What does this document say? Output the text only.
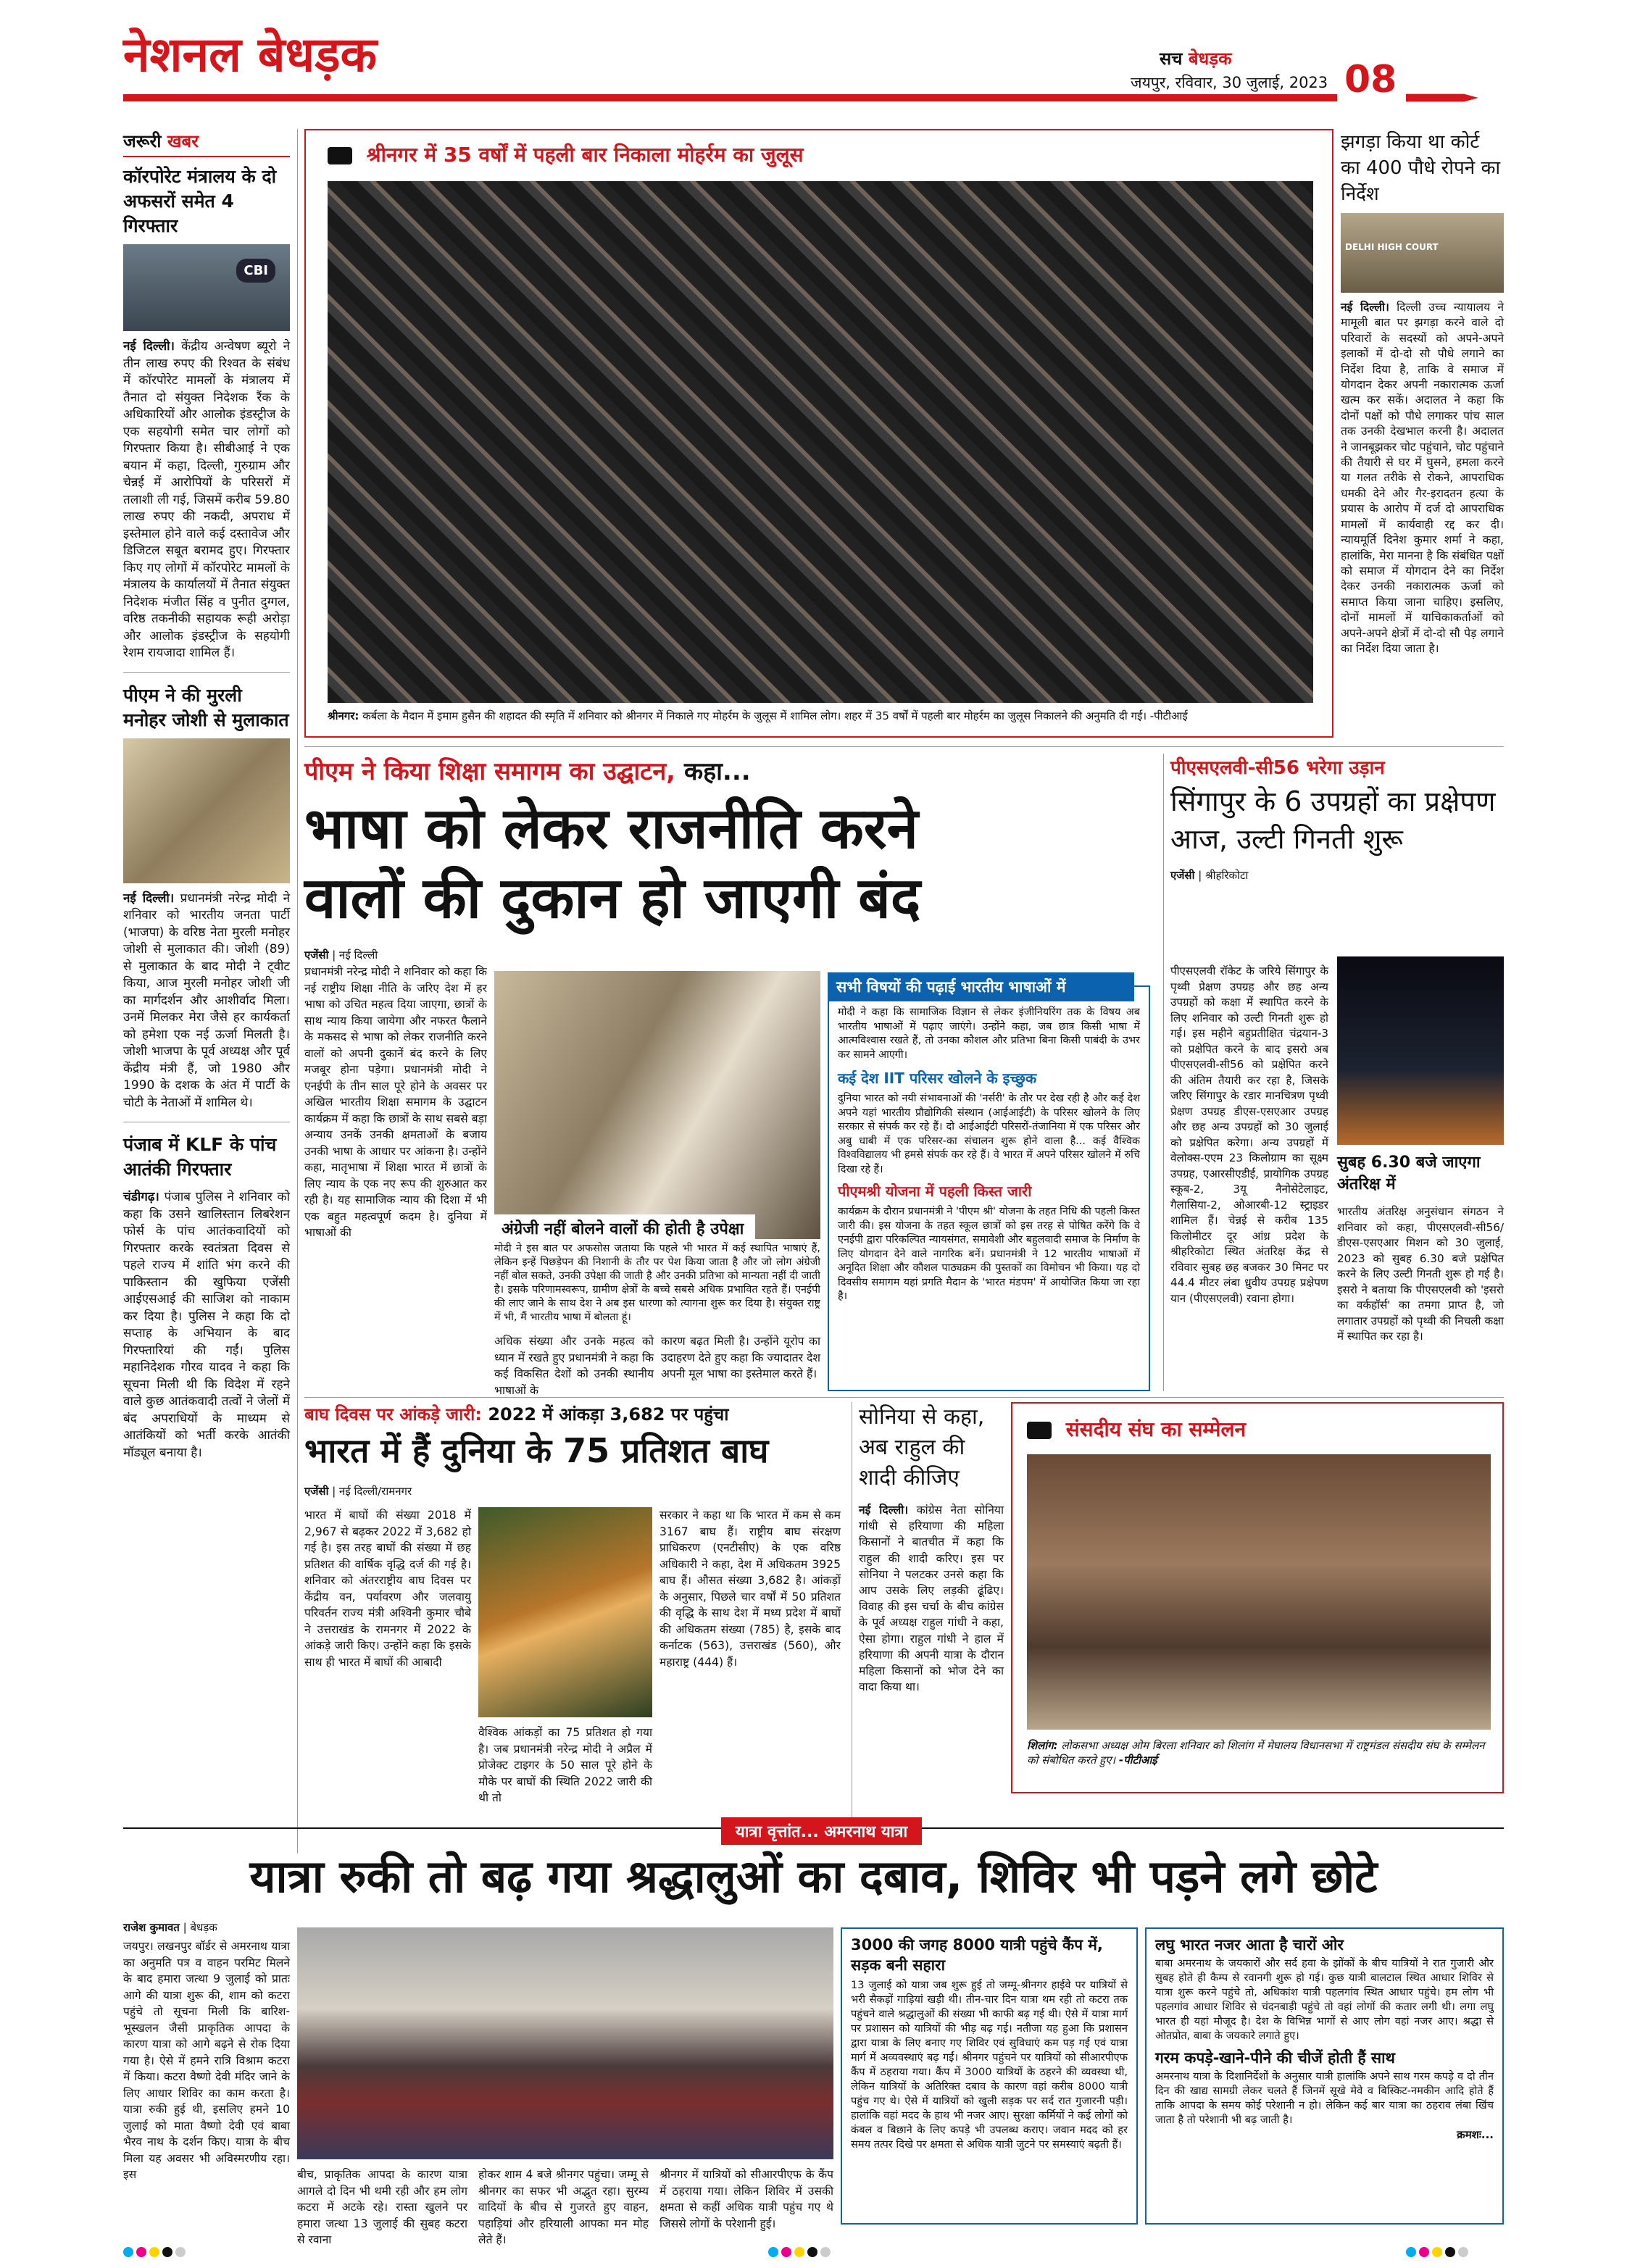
नेशनल बेधड़क	सच बेधड़क
जयपुर, रविवार, 30 जुलाई, 2023 08
जरूरी खबर
कॉरपोरेट मंत्रालय के दो अफसरों समेत 4 गिरफ्तार
CBI
नई दिल्ली। केंद्रीय अन्वेषण ब्यूरो ने तीन लाख रुपए की रिश्वत के संबंध में कॉरपोरेट मामलों के मंत्रालय में तैनात दो संयुक्त निदेशक रैंक के अधिकारियों और आलोक इंडस्ट्रीज के एक सहयोगी समेत चार लोगों को गिरफ्तार किया है। सीबीआई ने एक बयान में कहा, दिल्ली, गुरुग्राम और चेन्नई में आरोपियों के परिसरों में तलाशी ली गई, जिसमें करीब 59.80 लाख रुपए की नकदी, अपराध में इस्तेमाल होने वाले कई दस्तावेज और डिजिटल सबूत बरामद हुए। गिरफ्तार किए गए लोगों में कॉरपोरेट मामलों के मंत्रालय के कार्यालयों में तैनात संयुक्त निदेशक मंजीत सिंह व पुनीत दुग्गल, वरिष्ठ तकनीकी सहायक रूही अरोड़ा और आलोक इंडस्ट्रीज के सहयोगी रेशम रायजादा शामिल हैं।
पीएम ने की मुरली मनोहर जोशी से मुलाकात
नई दिल्ली। प्रधानमंत्री नरेन्द्र मोदी ने शनिवार को भारतीय जनता पार्टी (भाजपा) के वरिष्ठ नेता मुरली मनोहर जोशी से मुलाकात की। जोशी (89) से मुलाकात के बाद मोदी ने ट्वीट किया, आज मुरली मनोहर जोशी जी का मार्गदर्शन और आशीर्वाद मिला। उनमें मिलकर मेरा जैसे हर कार्यकर्ता को हमेशा एक नई ऊर्जा मिलती है। जोशी भाजपा के पूर्व अध्यक्ष और पूर्व केंद्रीय मंत्री हैं, जो 1980 और 1990 के दशक के अंत में पार्टी के चोटी के नेताओं में शामिल थे।
पंजाब में KLF के पांच आतंकी गिरफ्तार
चंडीगढ़। पंजाब पुलिस ने शनिवार को कहा कि उसने खालिस्तान लिबरेशन फोर्स के पांच आतंकवादियों को गिरफ्तार करके स्वतंत्रता दिवस से पहले राज्य में शांति भंग करने की पाकिस्तान की खुफिया एजेंसी आईएसआई की साजिश को नाकाम कर दिया है। पुलिस ने कहा कि दो सप्ताह के अभियान के बाद गिरफ्तारियां की गईं। पुलिस महानिदेशक गौरव यादव ने कहा कि सूचना मिली थी कि विदेश में रहने वाले कुछ आतंकवादी तत्वों ने जेलों में बंद अपराधियों के माध्यम से आतंकियों को भर्ती करके आतंकी मॉड्यूल बनाया है।
श्रीनगर में 35 वर्षों में पहली बार निकाला मोहर्रम का जुलूस
श्रीनगर: कर्बला के मैदान में इमाम हुसैन की शहादत की स्मृति में शनिवार को श्रीनगर में निकाले गए मोहर्रम के जुलूस में शामिल लोग। शहर में 35 वर्षों में पहली बार मोहर्रम का जुलूस निकालने की अनुमति दी गई। -पीटीआई
झगड़ा किया था कोर्ट का 400 पौधे रोपने का निर्देश
DELHI HIGH COURT
नई दिल्ली। दिल्ली उच्च न्यायालय ने मामूली बात पर झगड़ा करने वाले दो परिवारों के सदस्यों को अपने-अपने इलाकों में दो-दो सौ पौधे लगाने का निर्देश दिया है, ताकि वे समाज में योगदान देकर अपनी नकारात्मक ऊर्जा खत्म कर सकें। अदालत ने कहा कि दोनों पक्षों को पौधे लगाकर पांच साल तक उनकी देखभाल करनी है। अदालत ने जानबूझकर चोट पहुंचाने, चोट पहुंचाने की तैयारी से घर में घुसने, हमला करने या गलत तरीके से रोकने, आपराधिक धमकी देने और गैर-इरादतन हत्या के प्रयास के आरोप में दर्ज दो आपराधिक मामलों में कार्यवाही रद्द कर दी। न्यायमूर्ति दिनेश कुमार शर्मा ने कहा, हालांकि, मेरा मानना है कि संबंधित पक्षों को समाज में योगदान देने का निर्देश देकर उनकी नकारात्मक ऊर्जा को समाप्त किया जाना चाहिए। इसलिए, दोनों मामलों में याचिकाकर्ताओं को अपने-अपने क्षेत्रों में दो-दो सौ पेड़ लगाने का निर्देश दिया जाता है।
पीएम ने किया शिक्षा समागम का उद्घाटन, कहा...
भाषा को लेकर राजनीति करने
वालों की दुकान हो जाएगी बंद
एजेंसी | नई दिल्ली
प्रधानमंत्री नरेन्द्र मोदी ने शनिवार को कहा कि नई राष्ट्रीय शिक्षा नीति के जरिए देश में हर भाषा को उचित महत्व दिया जाएगा, छात्रों के साथ न्याय किया जायेगा और नफरत फैलाने के मकसद से भाषा को लेकर राजनीति करने वालों को अपनी दुकानें बंद करने के लिए मजबूर होना पड़ेगा। प्रधानमंत्री मोदी ने एनईपी के तीन साल पूरे होने के अवसर पर अखिल भारतीय शिक्षा समागम के उद्घाटन कार्यक्रम में कहा कि छात्रों के साथ सबसे बड़ा अन्याय उनकें उनकी क्षमताओं के बजाय उनकी भाषा के आधार पर आंकना है। उन्होंने कहा, मातृभाषा में शिक्षा भारत में छात्रों के लिए न्याय के एक नए रूप की शुरुआत कर रही है। यह सामाजिक न्याय की दिशा में भी एक बहुत महत्वपूर्ण कदम है। दुनिया में भाषाओं की	अंग्रेजी नहीं बोलने वालों की होती है उपेक्षा
मोदी ने इस बात पर अफसोस जताया कि पहले भी भारत में कई स्थापित भाषाएं हैं, लेकिन इन्हें पिछड़ेपन की निशानी के तौर पर पेश किया जाता है और जो लोग अंग्रेजी नहीं बोल सकते, उनकी उपेक्षा की जाती है और उनकी प्रतिभा को मान्यता नहीं दी जाती है। इसके परिणामस्वरूप, ग्रामीण क्षेत्रों के बच्चे सबसे अधिक प्रभावित रहते हैं। एनईपी की लाए जाने के साथ देश ने अब इस धारणा को त्यागना शुरू कर दिया है। संयुक्त राष्ट्र में भी, मैं भारतीय भाषा में बोलता हूं।
अधिक संख्या और उनके महत्व को ध्यान में रखते हुए प्रधानमंत्री ने कहा कि कई विकसित देशों को उनकी स्थानीय भाषाओं के
कारण बढ़त मिली है। उन्होंने यूरोप का उदाहरण देते हुए कहा कि ज्यादातर देश अपनी मूल भाषा का इस्तेमाल करते हैं।
सभी विषयों की पढ़ाई भारतीय भाषाओं में
मोदी ने कहा कि सामाजिक विज्ञान से लेकर इंजीनियरिंग तक के विषय अब भारतीय भाषाओं में पढ़ाए जाएंगे। उन्होंने कहा, जब छात्र किसी भाषा में आत्मविश्वास रखते हैं, तो उनका कौशल और प्रतिभा बिना किसी पाबंदी के उभर कर सामने आएगी।
कई देश IIT परिसर खोलने के इच्छुक
दुनिया भारत को नयी संभावनाओं की 'नर्सरी' के तौर पर देख रही है और कई देश अपने यहां भारतीय प्रौद्योगिकी संस्थान (आईआईटी) के परिसर खोलने के लिए सरकार से संपर्क कर रहे हैं। दो आईआईटी परिसरों-तंजानिया में एक परिसर और अबु धाबी में एक परिसर-का संचालन शुरू होने वाला है... कई वैश्विक विश्वविद्यालय भी हमसे संपर्क कर रहे हैं। वे भारत में अपने परिसर खोलने में रुचि दिखा रहे हैं।
पीएमश्री योजना में पहली किस्त जारी
कार्यक्रम के दौरान प्रधानमंत्री ने 'पीएम श्री' योजना के तहत निधि की पहली किस्त जारी की। इस योजना के तहत स्कूल छात्रों को इस तरह से पोषित करेंगे कि वे एनईपी द्वारा परिकल्पित न्यायसंगत, समावेशी और बहुलवादी समाज के निर्माण के लिए योगदान देने वाले नागरिक बनें। प्रधानमंत्री ने 12 भारतीय भाषाओं में अनूदित शिक्षा और कौशल पाठ्यक्रम की पुस्तकों का विमोचन भी किया। यह दो दिवसीय समागम यहां प्रगति मैदान के 'भारत मंडपम' में आयोजित किया जा रहा है।
पीएसएलवी-सी56 भरेगा उड़ान
सिंगापुर के 6 उपग्रहों का प्रक्षेपण आज, उल्टी गिनती शुरू
एजेंसी | श्रीहरिकोटा
पीएसएलवी रॉकेट के जरिये सिंगापुर के पृथ्वी प्रेक्षण उपग्रह और छह अन्य उपग्रहों को कक्षा में स्थापित करने के लिए शनिवार को उल्टी गिनती शुरू हो गई। इस महीने बहुप्रतीक्षित चंद्रयान-3 को प्रक्षेपित करने के बाद इसरो अब पीएसएलवी-सी56 को प्रक्षेपित करने की अंतिम तैयारी कर रहा है, जिसके जरिए सिंगापुर के रडार मानचित्रण पृथ्वी प्रेक्षण उपग्रह डीएस-एसएआर उपग्रह और छह अन्य उपग्रहों को 30 जुलाई को प्रक्षेपित करेगा। अन्य उपग्रहों में वेलोक्स-एएम 23 किलोग्राम का सूक्ष्म उपग्रह, एआरसीएडीई, प्रायोगिक उपग्रह स्कूब-2, 3यू नैनोसेटेलाइट, गैलासिया-2, ओआरबी-12 स्ट्राइडर शामिल हैं। चेन्नई से करीब 135 किलोमीटर दूर आंध्र प्रदेश के श्रीहरिकोटा स्थित अंतरिक्ष केंद्र से रविवार सुबह छह बजकर 30 मिनट पर 44.4 मीटर लंबा ध्रुवीय उपग्रह प्रक्षेपण यान (पीएसएलवी) रवाना होगा।
सुबह 6.30 बजे जाएगा अंतरिक्ष में
भारतीय अंतरिक्ष अनुसंधान संगठन ने शनिवार को कहा, पीएसएलवी-सी56/डीएस-एसएआर मिशन को 30 जुलाई, 2023 को सुबह 6.30 बजे प्रक्षेपित करने के लिए उल्टी गिनती शुरू हो गई है। इसरो ने बताया कि पीएसएलवी को 'इसरो का वर्कहॉर्स' का तमगा प्राप्त है, जो लगातार उपग्रहों को पृथ्वी की निचली कक्षा में स्थापित कर रहा है।
बाघ दिवस पर आंकड़े जारी: 2022 में आंकड़ा 3,682 पर पहुंचा
भारत में हैं दुनिया के 75 प्रतिशत बाघ
एजेंसी | नई दिल्ली/रामनगर
भारत में बाघों की संख्या 2018 में 2,967 से बढ़कर 2022 में 3,682 हो गई है। इस तरह बाघों की संख्या में छह प्रतिशत की वार्षिक वृद्धि दर्ज की गई है। शनिवार को अंतरराष्ट्रीय बाघ दिवस पर केंद्रीय वन, पर्यावरण और जलवायु परिवर्तन राज्य मंत्री अश्विनी कुमार चौबे ने उत्तराखंड के रामनगर में 2022 के आंकड़े जारी किए। उन्होंने कहा कि इसके साथ ही भारत में बाघों की आबादी
वैश्विक आंकड़ों का 75 प्रतिशत हो गया है। जब प्रधानमंत्री नरेन्द्र मोदी ने अप्रैल में प्रोजेक्ट टाइगर के 50 साल पूरे होने के मौके पर बाघों की स्थिति 2022 जारी की थी तो
सरकार ने कहा था कि भारत में कम से कम 3167 बाघ हैं। राष्ट्रीय बाघ संरक्षण प्राधिकरण (एनटीसीए) के एक वरिष्ठ अधिकारी ने कहा, देश में अधिकतम 3925 बाघ हैं। औसत संख्या 3,682 है। आंकड़ों के अनुसार, पिछले चार वर्षों में 50 प्रतिशत की वृद्धि के साथ देश में मध्य प्रदेश में बाघों की अधिकतम संख्या (785) है, इसके बाद कर्नाटक (563), उत्तराखंड (560), और महाराष्ट्र (444) हैं।
सोनिया से कहा, अब राहुल की शादी कीजिए
नई दिल्ली। कांग्रेस नेता सोनिया गांधी से हरियाणा की महिला किसानों ने बातचीत में कहा कि राहुल की शादी करिए। इस पर सोनिया ने पलटकर उनसे कहा कि आप उसके लिए लड़की ढूंढिए। विवाह की इस चर्चा के बीच कांग्रेस के पूर्व अध्यक्ष राहुल गांधी ने कहा, ऐसा होगा। राहुल गांधी ने हाल में हरियाणा की अपनी यात्रा के दौरान महिला किसानों को भोज देने का वादा किया था।
संसदीय संघ का सम्मेलन
शिलांग: लोकसभा अध्यक्ष ओम बिरला शनिवार को शिलांग में मेघालय विधानसभा में राष्ट्रमंडल संसदीय संघ के सम्मेलन को संबोधित करते हुए। -पीटीआई
यात्रा वृत्तांत... अमरनाथ यात्रा
यात्रा रुकी तो बढ़ गया श्रद्धालुओं का दबाव, शिविर भी पड़ने लगे छोटे
राजेश कुमावत | बेधड़क
जयपुर। लखनपुर बॉर्डर से अमरनाथ यात्रा का अनुमति पत्र व वाहन परमिट मिलने के बाद हमारा जत्था 9 जुलाई को प्रातः आगे की यात्रा शुरू की, शाम को कटरा पहुंचे तो सूचना मिली कि बारिश-भूस्खलन जैसी प्राकृतिक आपदा के कारण यात्रा को आगे बढ़ने से रोक दिया गया है। ऐसे में हमने रात्रि विश्राम कटरा में किया। कटरा वैष्णो देवी मंदिर जाने के लिए आधार शिविर का काम करता है। यात्रा रुकी हुई थी, इसलिए हमने 10 जुलाई को माता वैष्णो देवी एवं बाबा भैरव नाथ के दर्शन किए। यात्रा के बीच मिला यह अवसर भी अविस्मरणीय रहा। इस	बीच, प्राकृतिक आपदा के कारण यात्रा आगले दो दिन भी थमी रही और हम लोग कटरा में अटके रहे। रास्ता खुलने पर हमारा जत्था 13 जुलाई की सुबह कटरा से रवाना
होकर शाम 4 बजे श्रीनगर पहुंचा। जम्मू से श्रीनगर का सफर भी अद्भुत रहा। सुरम्य वादियों के बीच से गुजरते हुए वाहन, पहाड़ियां और हरियाली आपका मन मोह लेते हैं।
श्रीनगर में यात्रियों को सीआरपीएफ के कैंप में ठहराया गया। लेकिन शिविर में उसकी क्षमता से कहीं अधिक यात्री पहुंच गए थे जिससे लोगों के परेशानी हुई।
3000 की जगह 8000 यात्री पहुंचे कैंप में, सड़क बनी सहारा
13 जुलाई को यात्रा जब शुरू हुई तो जम्मू-श्रीनगर हाईवे पर यात्रियों से भरी सैकड़ों गाड़ियां खड़ी थी। तीन-चार दिन यात्रा थम रही तो कटरा तक पहुंचने वाले श्रद्धालुओं की संख्या भी काफी बढ़ गई थी। ऐसे में यात्रा मार्ग पर प्रशासन को यात्रियों की भीड़ बढ़ गई। नतीजा यह हुआ कि प्रशासन द्वारा यात्रा के लिए बनाए गए शिविर एवं सुविधाएं कम पड़ गई एवं यात्रा मार्ग में अव्यवस्थाएं बढ़ गईं। श्रीनगर पहुंचने पर यात्रियों को सीआरपीएफ कैंप में ठहराया गया। कैंप में 3000 यात्रियों के ठहरने की व्यवस्था थी, लेकिन यात्रियों के अतिरिक्त दबाव के कारण वहां करीब 8000 यात्री पहुंच गए थे। ऐसे में यात्रियों को खुली सड़क पर सर्द रात गुजारनी पड़ी। हालांकि वहां मदद के हाथ भी नजर आए। सुरक्षा कर्मियों ने कई लोगों को कंबल व बिछाने के लिए कपड़े भी उपलब्ध कराए। जवान मदद को हर समय तत्पर दिखे पर क्षमता से अधिक यात्री जुटने पर समस्याएं बढ़ती हैं।
लघु भारत नजर आता है चारों ओर
बाबा अमरनाथ के जयकारों और सर्द हवा के झोंकों के बीच यात्रियों ने रात गुजारी और सुबह होते ही कैम्प से रवानगी शुरू हो गई। कुछ यात्री बालटाल स्थित आधार शिविर से यात्रा शुरू करने पहुंचे तो, अधिकांश यात्री पहलगांव स्थित आधार पहुंचे। हम लोग भी पहलगांव आधार शिविर से चंदनबाड़ी पहुंचे तो वहां लोगों की कतार लगी थी। लगा लघु भारत ही यहां मौजूद है। देश के विभिन्न भागों से आए लोग वहां नजर आए। श्रद्धा से ओतप्रोत, बाबा के जयकारे लगाते हुए।
गरम कपड़े-खाने-पीने की चीजें होती हैं साथ
अमरनाथ यात्रा के दिशानिर्देशों के अनुसार यात्री हालांकि अपने साथ गरम कपड़े व दो तीन दिन की खाद्य सामग्री लेकर चलते हैं जिनमें सूखे मेवे व बिस्किट-नमकीन आदि होते हैं ताकि आपदा के समय कोई परेशानी न हो। लेकिन कई बार यात्रा का ठहराव लंबा खिंच जाता है तो परेशानी भी बढ़ जाती है।
क्रमशः...
